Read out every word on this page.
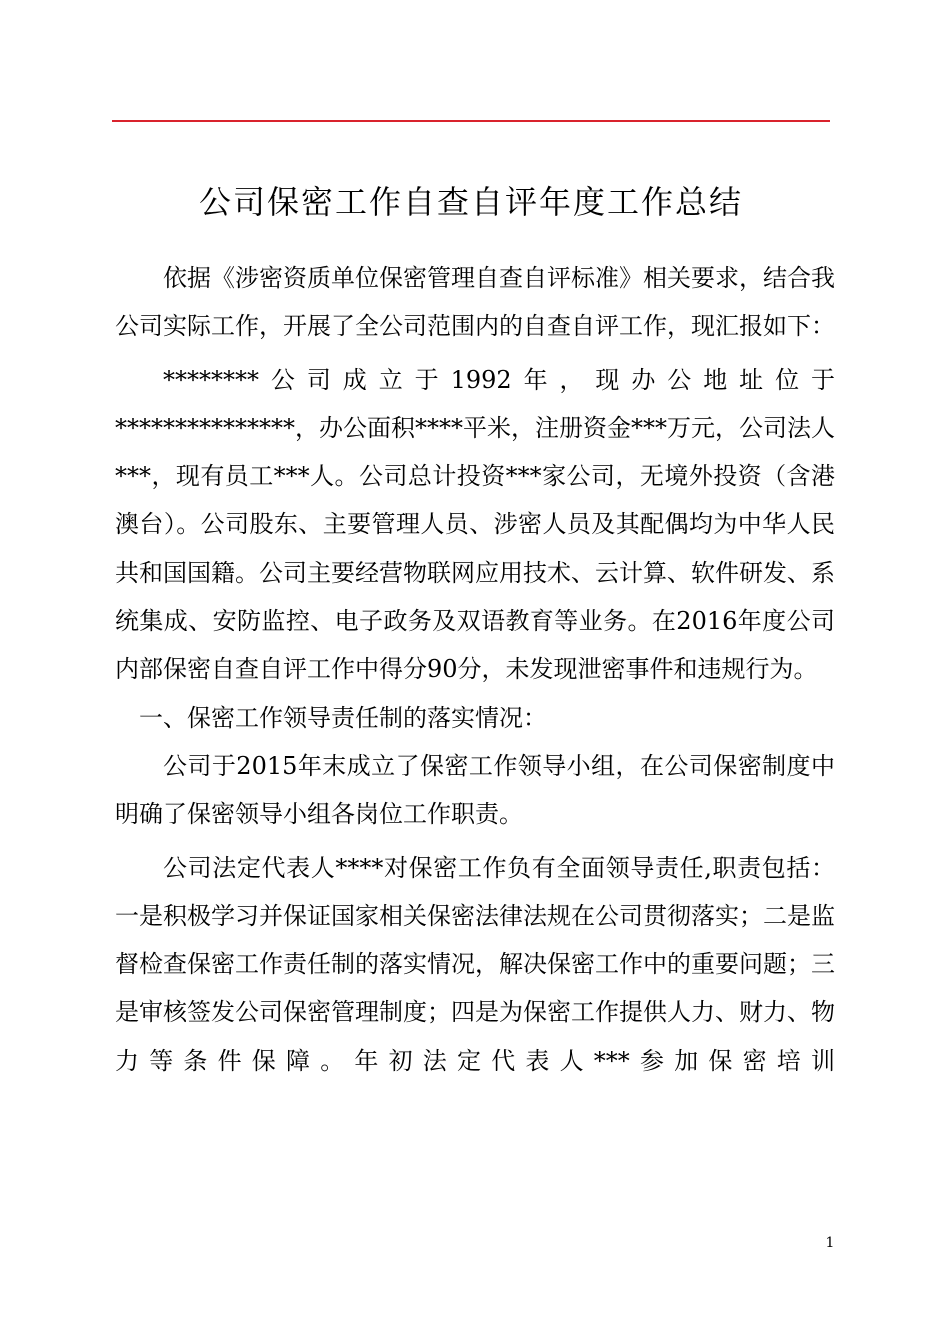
公司保密工作自查自评年度工作总结

依据《涉密资质单位保密管理自查自评标准》相关要求，结合我公司实际工作，开展了全公司范围内的自查自评工作，现汇报如下：

********公司成立于1992年，现办公地址位于***************，办公面积****平米，注册资金***万元，公司法人***，现有员工***人。公司总计投资***家公司，无境外投资（含港澳台）。公司股东、主要管理人员、涉密人员及其配偶均为中华人民共和国国籍。公司主要经营物联网应用技术、云计算、软件研发、系统集成、安防监控、电子政务及双语教育等业务。在2016年度公司内部保密自查自评工作中得分90分，未发现泄密事件和违规行为。

一、保密工作领导责任制的落实情况：

公司于2015年末成立了保密工作领导小组，在公司保密制度中明确了保密领导小组各岗位工作职责。

公司法定代表人****对保密工作负有全面领导责任,职责包括：一是积极学习并保证国家相关保密法律法规在公司贯彻落实；二是监督检查保密工作责任制的落实情况，解决保密工作中的重要问题；三是审核签发公司保密管理制度；四是为保密工作提供人力、财力、物力等条件保障。年初法定代表人***参加保密培训

1
